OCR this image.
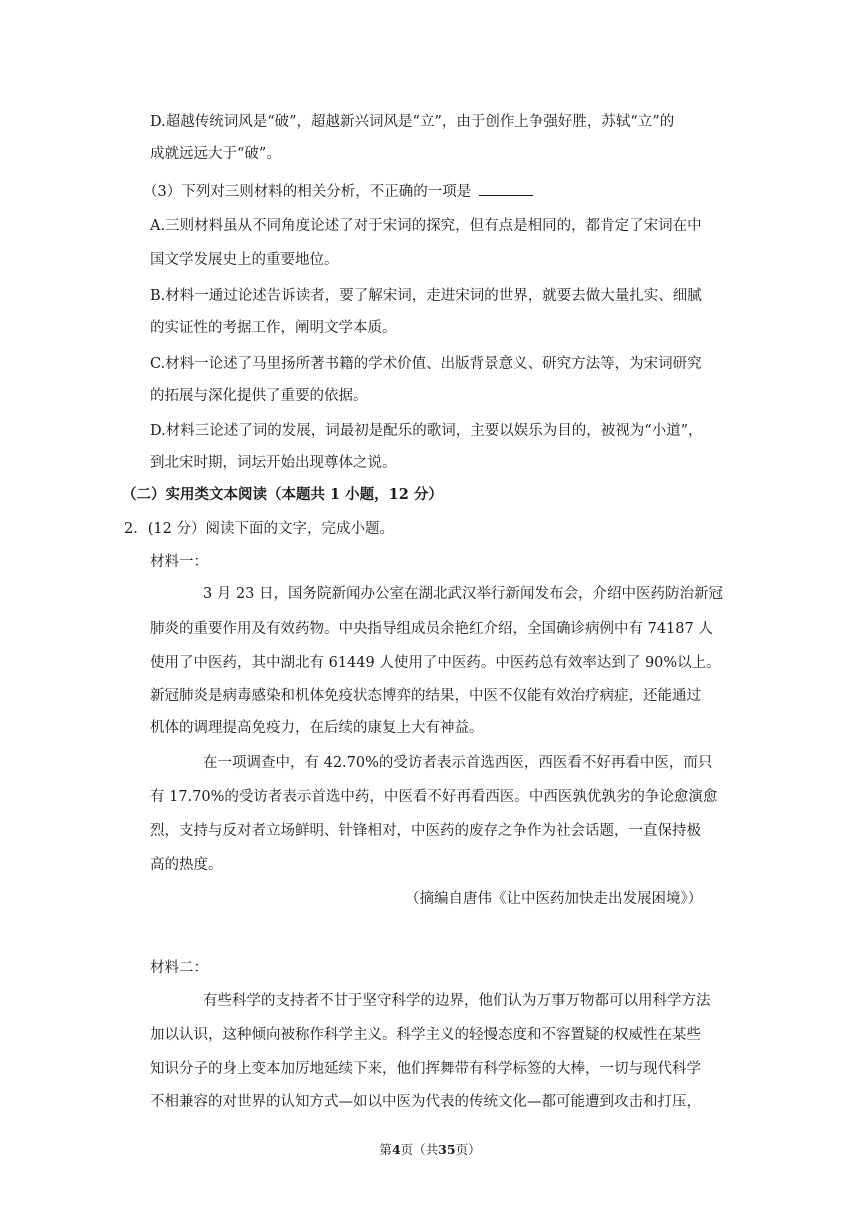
D.超越传统词风是“破”，超越新兴词风是“立”，由于创作上争强好胜，苏轼“立”的
成就远远大于“破”。
（3）下列对三则材料的相关分析，不正确的一项是
A.三则材料虽从不同角度论述了对于宋词的探究，但有点是相同的，都肯定了宋词在中
国文学发展史上的重要地位。
B.材料一通过论述告诉读者，要了解宋词，走进宋词的世界，就要去做大量扎实、细腻
的实证性的考据工作，阐明文学本质。
C.材料一论述了马里扬所著书籍的学术价值、出版背景意义、研究方法等，为宋词研究
的拓展与深化提供了重要的依据。
D.材料三论述了词的发展，词最初是配乐的歌词，主要以娱乐为目的，被视为“小道”，
到北宋时期，词坛开始出现尊体之说。
（二）实用类文本阅读（本题共 1 小题，12 分）
2．(12 分）阅读下面的文字，完成小题。
材料一：
3 月 23 日，国务院新闻办公室在湖北武汉举行新闻发布会，介绍中医药防治新冠
肺炎的重要作用及有效药物。中央指导组成员余艳红介绍，全国确诊病例中有 74187 人
使用了中医药，其中湖北有 61449 人使用了中医药。中医药总有效率达到了 90%以上。
新冠肺炎是病毒感染和机体免疫状态博弈的结果，中医不仅能有效治疗病症，还能通过
机体的调理提高免疫力，在后续的康复上大有神益。
在一项调查中，有 42.70%的受访者表示首选西医，西医看不好再看中医，而只
有 17.70%的受访者表示首选中药，中医看不好再看西医。中西医孰优孰劣的争论愈演愈
烈，支持与反对者立场鲜明、针锋相对，中医药的废存之争作为社会话题，一直保持极
高的热度。
（摘编自唐伟《让中医药加快走出发展困境》）
材料二：
有些科学的支持者不甘于坚守科学的边界，他们认为万事万物都可以用科学方法
加以认识，这种倾向被称作科学主义。科学主义的轻慢态度和不容置疑的权威性在某些
知识分子的身上变本加厉地延续下来，他们挥舞带有科学标签的大棒，一切与现代科学
不相兼容的对世界的认知方式—如以中医为代表的传统文化—都可能遭到攻击和打压，
第4页（共35页）
